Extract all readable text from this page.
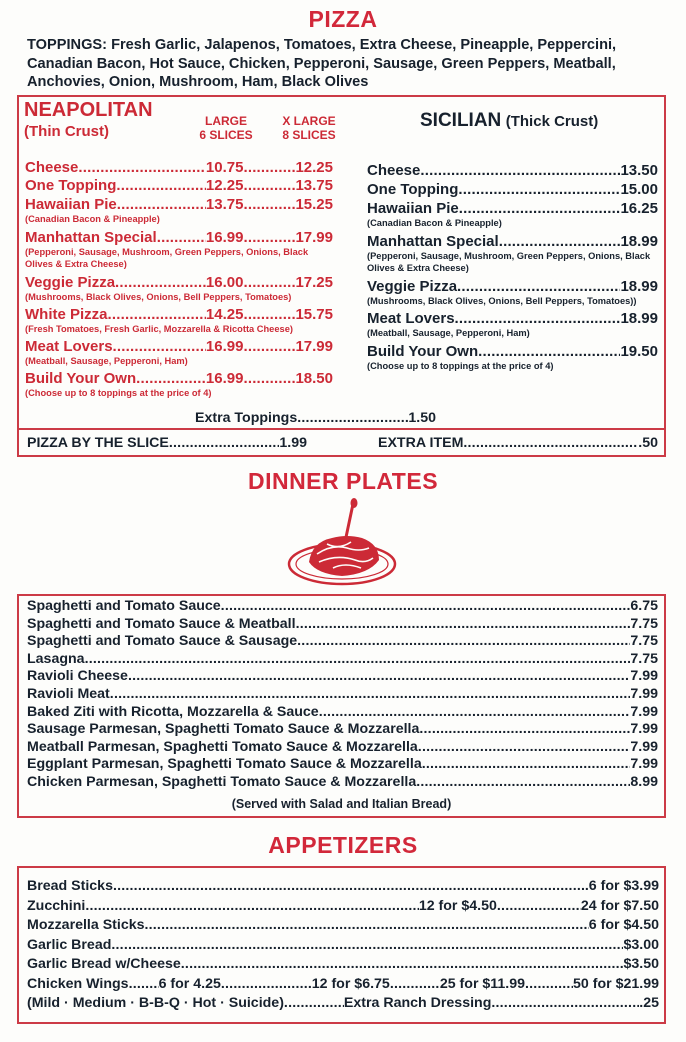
PIZZA
TOPPINGS: Fresh Garlic, Jalapenos, Tomatoes, Extra Cheese, Pineapple, Peppercini, Canadian Bacon, Hot Sauce, Chicken, Pepperoni, Sausage, Green Peppers, Meatball, Anchovies, Onion, Mushroom, Ham, Black Olives
NEAPOLITAN
(Thin Crust)
LARGE
6 SLICES
X LARGE
8 SLICES
SICILIAN (Thick Crust)
Cheese .....	10.75 .....	12.25
One Topping .....	12.25 .....	13.75
Hawaiian Pie .....	13.75 .....	15.25
(Canadian Bacon & Pineapple)
Manhattan Special .....	16.99 .....	17.99
(Pepperoni, Sausage, Mushroom, Green Peppers, Onions, Black Olives & Extra Cheese)
Veggie Pizza .....	16.00 .....	17.25
(Mushrooms, Black Olives, Onions, Bell Peppers, Tomatoes)
White Pizza .....	14.25 .....	15.75
(Fresh Tomatoes, Fresh Garlic, Mozzarella & Ricotta Cheese)
Meat Lovers .....	16.99 .....	17.99
(Meatball, Sausage, Pepperoni, Ham)
Build Your Own .....	16.99 .....	18.50
(Choose up to 8 toppings at the price of 4)
Cheese .....	13.50
One Topping .....	15.00
Hawaiian Pie .....	16.25
(Canadian Bacon & Pineapple)
Manhattan Special .....	18.99
(Pepperoni, Sausage, Mushroom, Green Peppers, Onions, Black Olives & Extra Cheese)
Veggie Pizza .....	18.99
(Mushrooms, Black Olives, Onions, Bell Peppers, Tomatoes))
Meat Lovers .....	18.99
(Meatball, Sausage, Pepperoni, Ham)
Build Your Own .....	19.50
(Choose up to 8 toppings at the price of 4)
Extra Toppings .....	1.50
PIZZA BY THE SLICE .....	1.99	EXTRA ITEM .....	.50
DINNER PLATES
Spaghetti and Tomato Sauce .....	6.75
Spaghetti and Tomato Sauce & Meatball .....	7.75
Spaghetti and Tomato Sauce & Sausage .....	7.75
Lasagna .....	7.75
Ravioli Cheese .....	7.99
Ravioli Meat .....	7.99
Baked Ziti with Ricotta, Mozzarella & Sauce .....	7.99
Sausage Parmesan, Spaghetti Tomato Sauce & Mozzarella .....	7.99
Meatball Parmesan, Spaghetti Tomato Sauce & Mozzarella .....	7.99
Eggplant Parmesan, Spaghetti Tomato Sauce & Mozzarella .....	7.99
Chicken Parmesan, Spaghetti Tomato Sauce & Mozzarella .....	8.99
(Served with Salad and Italian Bread)
APPETIZERS
Bread Sticks .....	.6 for $3.99
Zucchini .....	12 for $4.50 .....	24 for $7.50
Mozzarella Sticks .....	6 for $4.50
Garlic Bread .....	$3.00
Garlic Bread w/Cheese .....	$3.50
Chicken Wings ..... 6 for 4.25 .....	12 for $6.75 .....	25 for $11.99 .....	50 for $21.99
(Mild · Medium · B-B-Q · Hot · Suicide) .....	Extra Ranch Dressing .....	.25
